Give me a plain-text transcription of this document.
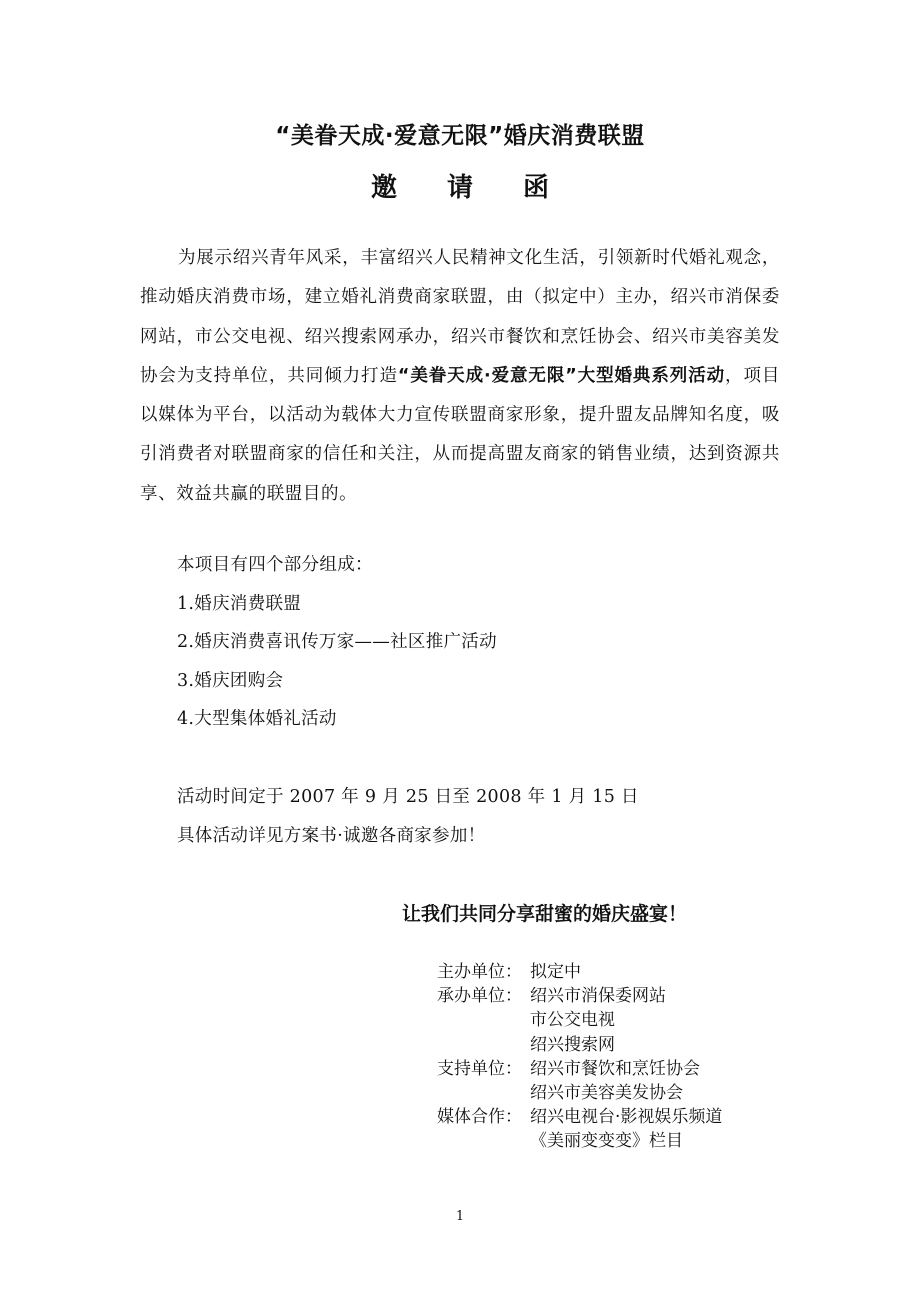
“美眷天成·爱意无限”婚庆消费联盟
邀请函
为展示绍兴青年风采，丰富绍兴人民精神文化生活，引领新时代婚礼观念，推动婚庆消费市场，建立婚礼消费商家联盟，由（拟定中）主办，绍兴市消保委网站，市公交电视、绍兴搜索网承办，绍兴市餐饮和烹饪协会、绍兴市美容美发协会为支持单位，共同倾力打造“美眷天成·爱意无限”大型婚典系列活动，项目以媒体为平台，以活动为载体大力宣传联盟商家形象，提升盟友品牌知名度，吸引消费者对联盟商家的信任和关注，从而提高盟友商家的销售业绩，达到资源共享、效益共赢的联盟目的。
本项目有四个部分组成：
1.婚庆消费联盟
2.婚庆消费喜讯传万家——社区推广活动
3.婚庆团购会
4.大型集体婚礼活动
活动时间定于 2007 年 9 月 25 日至 2008 年 1 月 15 日
具体活动详见方案书·诚邀各商家参加！
让我们共同分享甜蜜的婚庆盛宴！
主办单位： 拟定中
承办单位： 绍兴市消保委网站
市公交电视
绍兴搜索网
支持单位： 绍兴市餐饮和烹饪协会
绍兴市美容美发协会
媒体合作： 绍兴电视台·影视娱乐频道
《美丽变变变》栏目
1
